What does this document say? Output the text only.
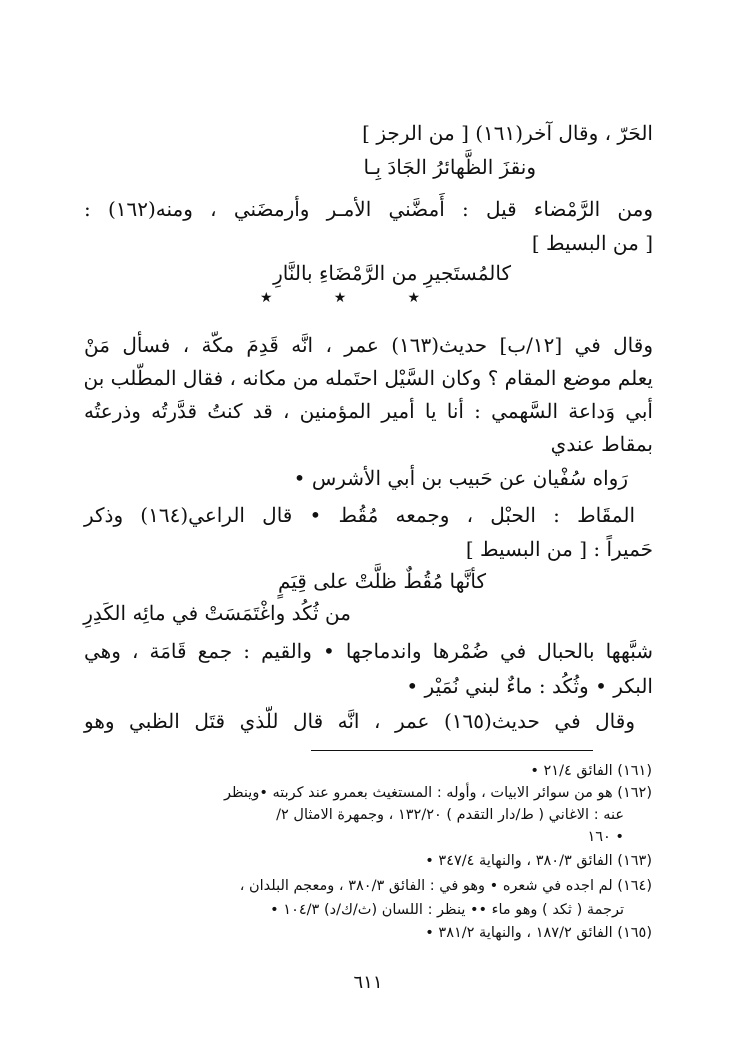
الحَرّ ، وقال آخر(١٦١) [ من الرجز ]
ونقزَ الظَّهائرُ الجَادَ بِـا
ومن الرَّمْضاء قيل : أَمضَّني الأمـر وأرمضَني ، ومنه(١٦٢) :
[ من البسيط ]
كالمُستَجيرِ من الرَّمْضَاءِ بالنَّارِ
★	★	★
وقال في [١٢/ب] حديث(١٦٣) عمر ، انَّه قَدِمَ مكّة ، فسأل مَنْ
يعلم موضع المقام ؟ وكان السَّيْل احتَمله من مكانه ، فقال المطّلب بن
أبي وَداعة السَّهمي : أنا يا أمير المؤمنين ، قد كنتُ قدَّرتُه وذرعتُه
بمقاط عندي
رَواه سُفْيان عن حَبيب بن أبي الأشرس •
المقَاط : الحبْل ، وجمعه مُقُط • قال الراعي(١٦٤) وذكر
حَميراً : [ من البسيط ]
كأنَّها مُقُطٌ ظلَّتْ على قِيَمٍ
من ثُكُد واغْتَمَسَتْ في مائِه الكَدِرِ
شبَّهها بالحبال في ضُمْرها واندماجها • والقيم : جمع قَامَة ، وهي
البكر • وثُكُد : ماءٌ لبني نُمَيْر •
وقال في حديث(١٦٥) عمر ، انَّه قال للّذي قتَل الظبي وهو
(١٦١) الفائق ٢١/٤ •
(١٦٢) هو من سوائر الابيات ، وأوله : المستغيث بعمرو عند كربته •وينظر
عنه : الاغاني ( ط/دار التقدم ) ١٣٢/٢٠ ، وجمهرة الامثال ٢/
١٦٠ •
(١٦٣) الفائق ٣٨٠/٣ ، والنهاية ٣٤٧/٤ •
(١٦٤) لم اجده في شعره • وهو في : الفائق ٣٨٠/٣ ، ومعجم البلدان ،
ترجمة ( ثكد ) وهو ماء •• ينظر : اللسان (ث/ك/د) ١٠٤/٣ •
(١٦٥) الفائق ١٨٧/٢ ، والنهاية ٣٨١/٢ •
٦١١
